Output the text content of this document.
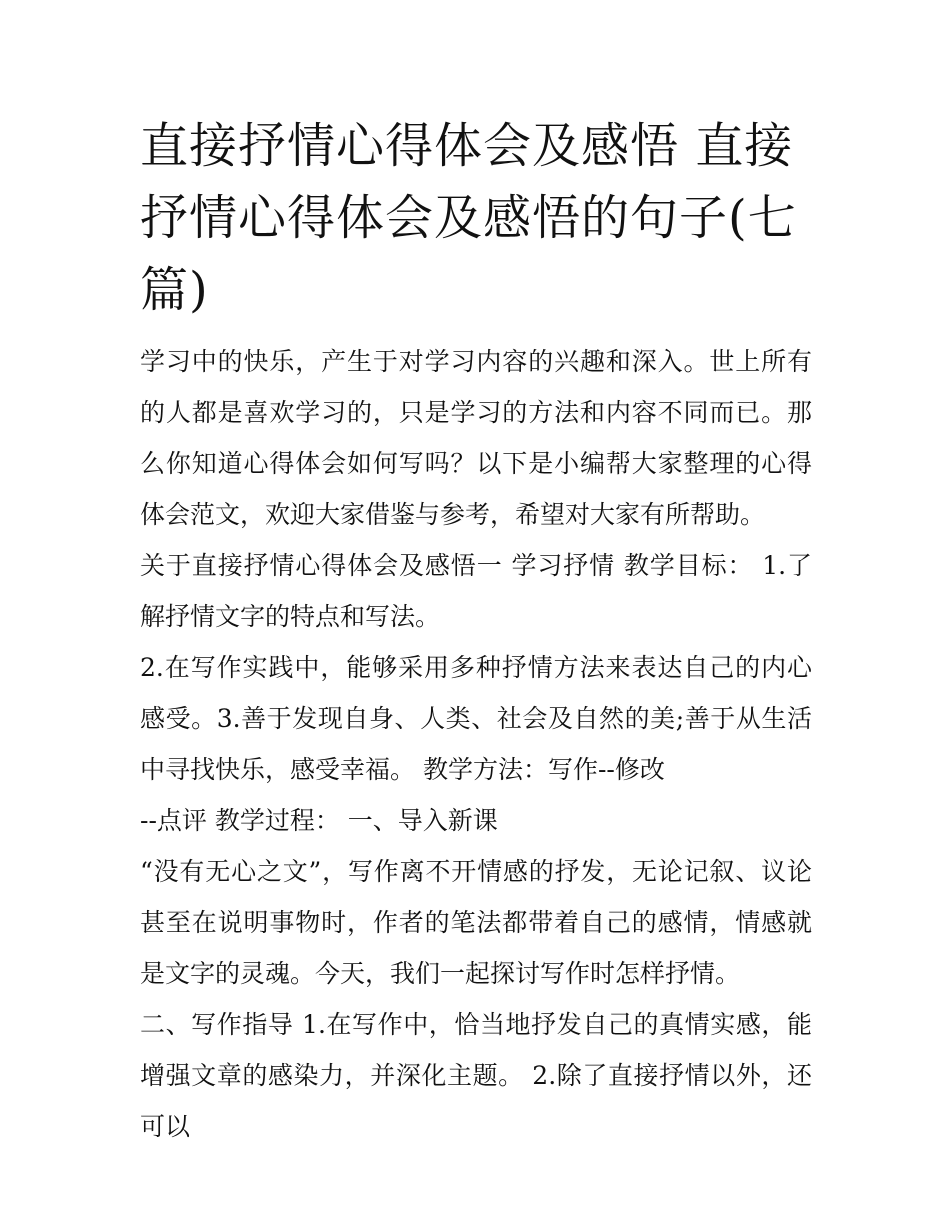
直接抒情心得体会及感悟 直接抒情心得体会及感悟的句子(七篇)

学习中的快乐，产生于对学习内容的兴趣和深入。世上所有的人都是喜欢学习的，只是学习的方法和内容不同而已。那么你知道心得体会如何写吗？以下是小编帮大家整理的心得体会范文，欢迎大家借鉴与参考，希望对大家有所帮助。

关于直接抒情心得体会及感悟一 学习抒情 教学目标： 1.了解抒情文字的特点和写法。

2.在写作实践中，能够采用多种抒情方法来表达自己的内心感受。3.善于发现自身、人类、社会及自然的美;善于从生活中寻找快乐，感受幸福。 教学方法：写作--修改

--点评 教学过程： 一、导入新课

“没有无心之文”，写作离不开情感的抒发，无论记叙、议论甚至在说明事物时，作者的笔法都带着自己的感情，情感就是文字的灵魂。今天，我们一起探讨写作时怎样抒情。

二、写作指导 1.在写作中，恰当地抒发自己的真情实感，能增强文章的感染力，并深化主题。 2.除了直接抒情以外，还可以
